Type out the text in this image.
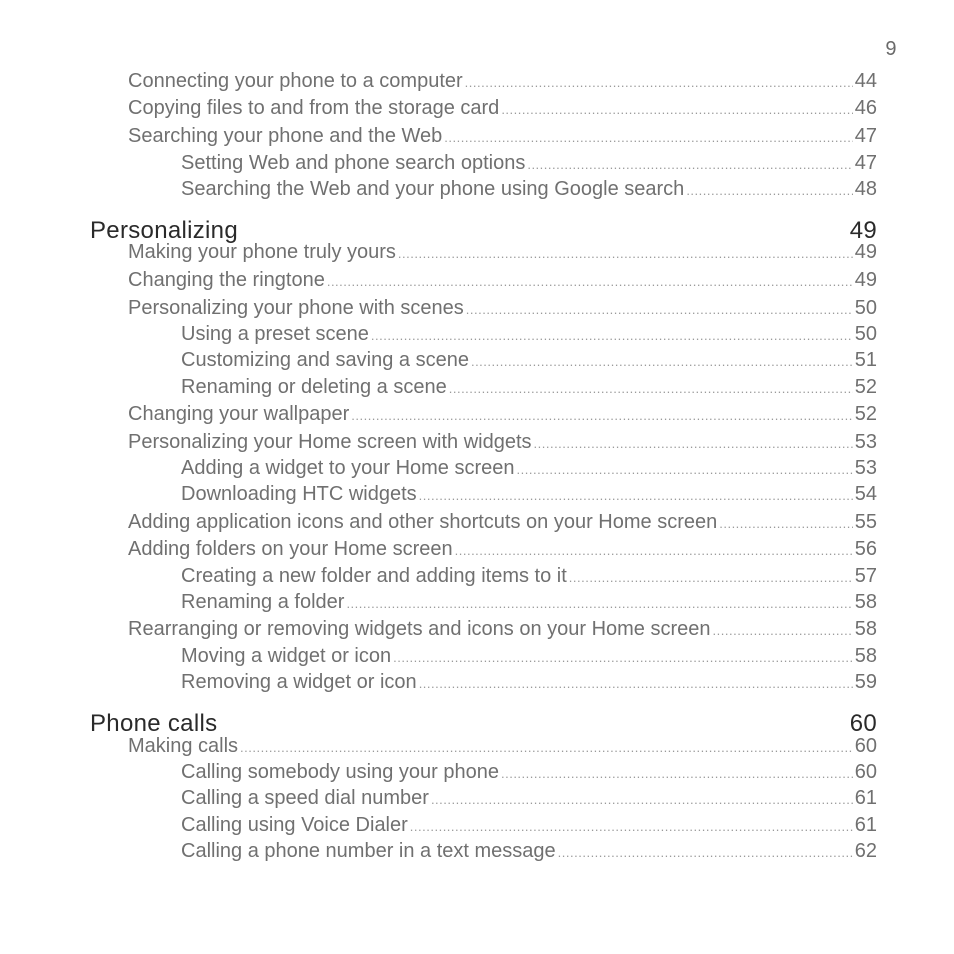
9
Connecting your phone to a computer .....	44
Copying files to and from the storage card .....	46
Searching your phone and the Web .....	47
Setting Web and phone search options .....	47
Searching the Web and your phone using Google search .....	48
Personalizing	49
Making your phone truly yours .....	49
Changing the ringtone .....	49
Personalizing your phone with scenes .....	50
Using a preset scene .....	50
Customizing and saving a scene .....	51
Renaming or deleting a scene .....	52
Changing your wallpaper .....	52
Personalizing your Home screen with widgets .....	53
Adding a widget to your Home screen .....	53
Downloading HTC widgets .....	54
Adding application icons and other shortcuts on your Home screen .....	55
Adding folders on your Home screen .....	56
Creating a new folder and adding items to it .....	57
Renaming a folder .....	58
Rearranging or removing widgets and icons on your Home screen .....	58
Moving a widget or icon .....	58
Removing a widget or icon .....	59
Phone calls	60
Making calls .....	60
Calling somebody using your phone .....	60
Calling a speed dial number .....	61
Calling using Voice Dialer .....	61
Calling a phone number in a text message .....	62
